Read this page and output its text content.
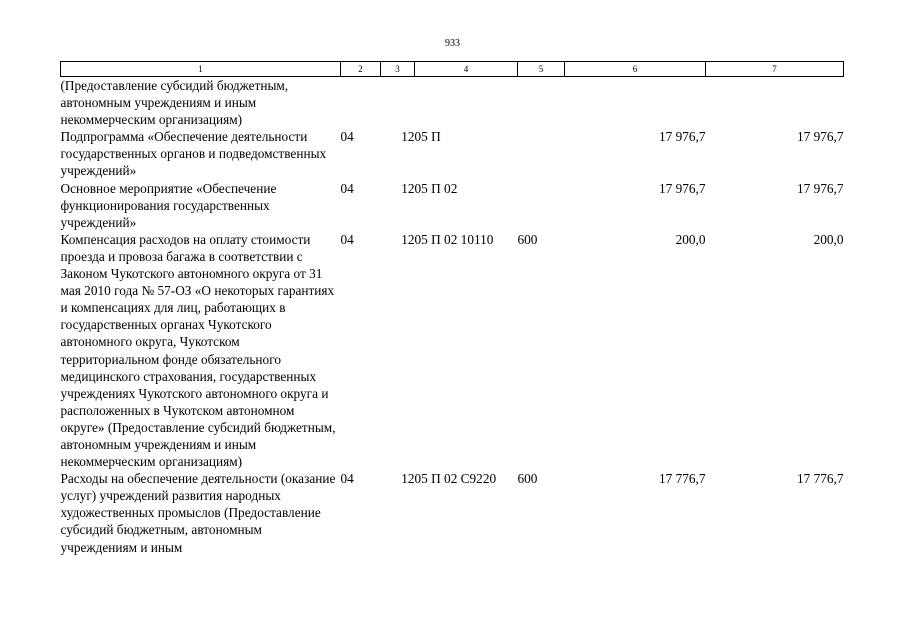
933
1	2	3	4	5	6	7
(Предоставление субсидий бюджетным, автономным учреждениям и иным некоммерческим организациям)						
Подпрограмма «Обеспечение деятельности государственных органов и подведомственных учреждений»	04	12	05 П		17 976,7	17 976,7
Основное мероприятие «Обеспечение функционирования государственных учреждений»	04	12	05 П 02		17 976,7	17 976,7
Компенсация расходов на оплату стоимости проезда и провоза багажа в соответствии с Законом Чукотского автономного округа от 31 мая 2010 года № 57-ОЗ «О некоторых гарантиях и компенсациях для лиц, работающих в государственных органах Чукотского автономного округа, Чукотском территориальном фонде обязательного медицинского страхования, государственных учреждениях Чукотского автономного округа и расположенных в Чукотском автономном округе» (Предоставление субсидий бюджетным, автономным учреждениям и иным некоммерческим организациям)	04	12	05 П 02 10110	600	200,0	200,0
Расходы на обеспечение деятельности (оказание услуг) учреждений развития народных художественных промыслов (Предоставление субсидий бюджетным, автономным учреждениям и иным	04	12	05 П 02 С9220	600	17 776,7	17 776,7
